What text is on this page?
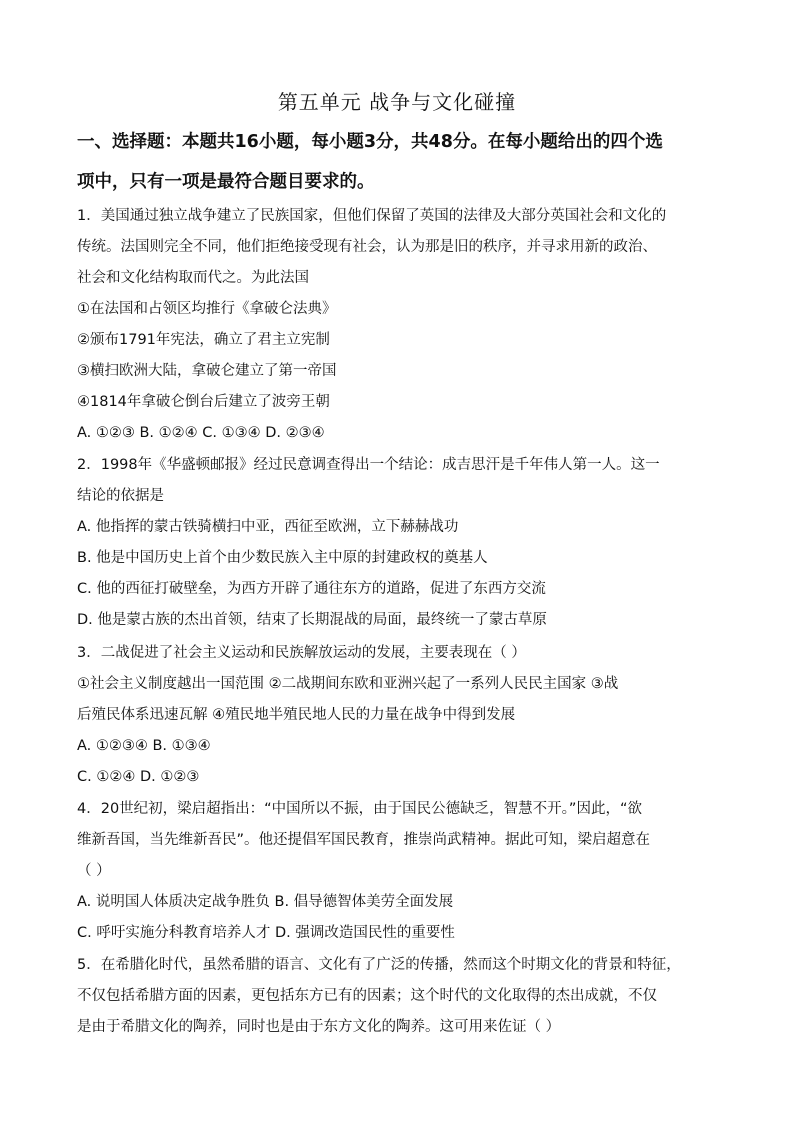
第五单元 战争与文化碰撞
一、选择题：本题共16小题，每小题3分，共48分。在每小题给出的四个选
项中，只有一项是最符合题目要求的。
1．美国通过独立战争建立了民族国家，但他们保留了英国的法律及大部分英国社会和文化的
传统。法国则完全不同，他们拒绝接受现有社会，认为那是旧的秩序，并寻求用新的政治、
社会和文化结构取而代之。为此法国
①在法国和占领区均推行《拿破仑法典》
②颁布1791年宪法，确立了君主立宪制
③横扫欧洲大陆，拿破仑建立了第一帝国
④1814年拿破仑倒台后建立了波旁王朝
A. ①②③ B. ①②④ C. ①③④ D. ②③④
2．1998年《华盛顿邮报》经过民意调查得出一个结论：成吉思汗是千年伟人第一人。这一
结论的依据是
A. 他指挥的蒙古铁骑横扫中亚，西征至欧洲，立下赫赫战功
B. 他是中国历史上首个由少数民族入主中原的封建政权的奠基人
C. 他的西征打破壁垒，为西方开辟了通往东方的道路，促进了东西方交流
D. 他是蒙古族的杰出首领，结束了长期混战的局面，最终统一了蒙古草原
3．二战促进了社会主义运动和民族解放运动的发展，主要表现在（ ）
①社会主义制度越出一国范围 ②二战期间东欧和亚洲兴起了一系列人民民主国家 ③战
后殖民体系迅速瓦解 ④殖民地半殖民地人民的力量在战争中得到发展
A. ①②③④ B. ①③④
C. ①②④ D. ①②③
4．20世纪初，梁启超指出：“中国所以不振，由于国民公德缺乏，智慧不开。”因此，“欲
维新吾国，当先维新吾民”。他还提倡军国民教育，推崇尚武精神。据此可知，梁启超意在
（ ）
A. 说明国人体质决定战争胜负 B. 倡导德智体美劳全面发展
C. 呼吁实施分科教育培养人才 D. 强调改造国民性的重要性
5．在希腊化时代，虽然希腊的语言、文化有了广泛的传播，然而这个时期文化的背景和特征，
不仅包括希腊方面的因素，更包括东方已有的因素；这个时代的文化取得的杰出成就，不仅
是由于希腊文化的陶养，同时也是由于东方文化的陶养。这可用来佐证（ ）
